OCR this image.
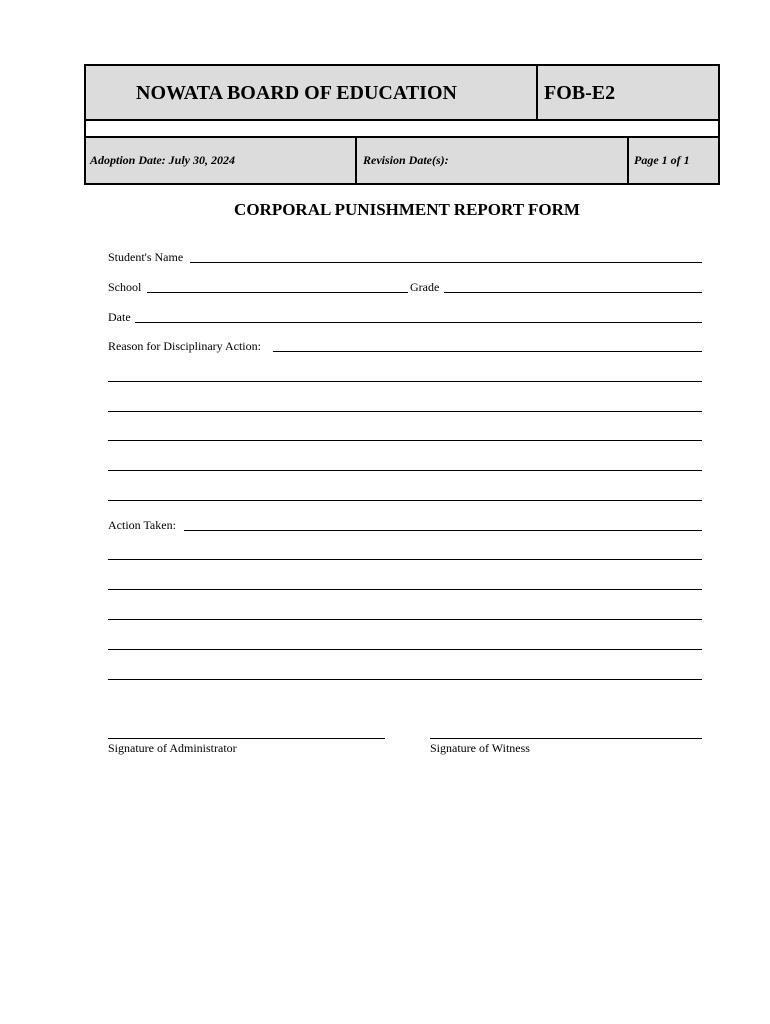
NOWATA BOARD OF EDUCATION	FOB-E2
Adoption Date: July 30, 2024	Revision Date(s):	Page 1 of 1
CORPORAL PUNISHMENT REPORT FORM
Student's Name
School	Grade
Date
Reason for Disciplinary Action:
Action Taken:
Signature of Administrator	Signature of Witness
